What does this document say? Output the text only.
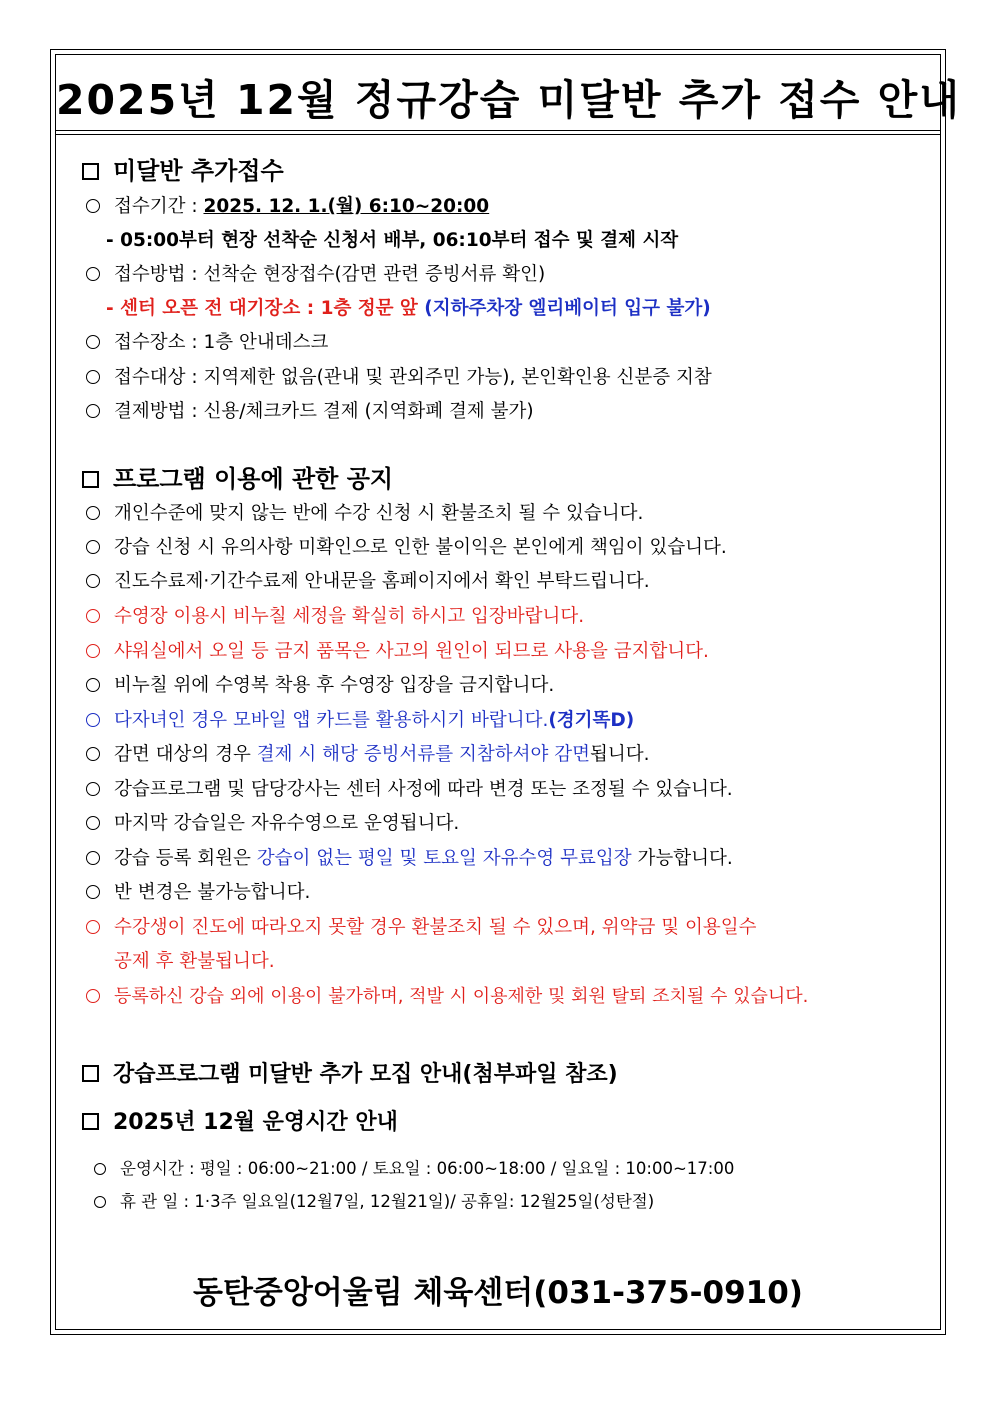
2025년 12월 정규강습 미달반 추가 접수 안내
미달반 추가접수
접수기간 : 2025. 12. 1.(월) 6:10~20:00
- 05:00부터 현장 선착순 신청서 배부, 06:10부터 접수 및 결제 시작
접수방법 : 선착순 현장접수(감면 관련 증빙서류 확인)
- 센터 오픈 전 대기장소 : 1층 정문 앞 (지하주차장 엘리베이터 입구 불가)
접수장소 : 1층 안내데스크
접수대상 : 지역제한 없음(관내 및 관외주민 가능), 본인확인용 신분증 지참
결제방법 : 신용/체크카드 결제 (지역화폐 결제 불가)
프로그램 이용에 관한 공지
개인수준에 맞지 않는 반에 수강 신청 시 환불조치 될 수 있습니다.
강습 신청 시 유의사항 미확인으로 인한 불이익은 본인에게 책임이 있습니다.
진도수료제·기간수료제 안내문을 홈페이지에서 확인 부탁드립니다.
수영장 이용시 비누칠 세정을 확실히 하시고 입장바랍니다.
샤워실에서 오일 등 금지 품목은 사고의 원인이 되므로 사용을 금지합니다.
비누칠 위에 수영복 착용 후 수영장 입장을 금지합니다.
다자녀인 경우 모바일 앱 카드를 활용하시기 바랍니다.(경기똑D)
감면 대상의 경우 결제 시 해당 증빙서류를 지참하셔야 감면됩니다.
강습프로그램 및 담당강사는 센터 사정에 따라 변경 또는 조정될 수 있습니다.
마지막 강습일은 자유수영으로 운영됩니다.
강습 등록 회원은 강습이 없는 평일 및 토요일 자유수영 무료입장 가능합니다.
반 변경은 불가능합니다.
수강생이 진도에 따라오지 못할 경우 환불조치 될 수 있으며, 위약금 및 이용일수
공제 후 환불됩니다.
등록하신 강습 외에 이용이 불가하며, 적발 시 이용제한 및 회원 탈퇴 조치될 수 있습니다.
강습프로그램 미달반 추가 모집 안내(첨부파일 참조)
2025년 12월 운영시간 안내
운영시간 : 평일 : 06:00~21:00 / 토요일 : 06:00~18:00 / 일요일 : 10:00~17:00
휴 관 일 : 1·3주 일요일(12월7일, 12월21일)/ 공휴일: 12월25일(성탄절)
동탄중앙어울림 체육센터(031-375-0910)
